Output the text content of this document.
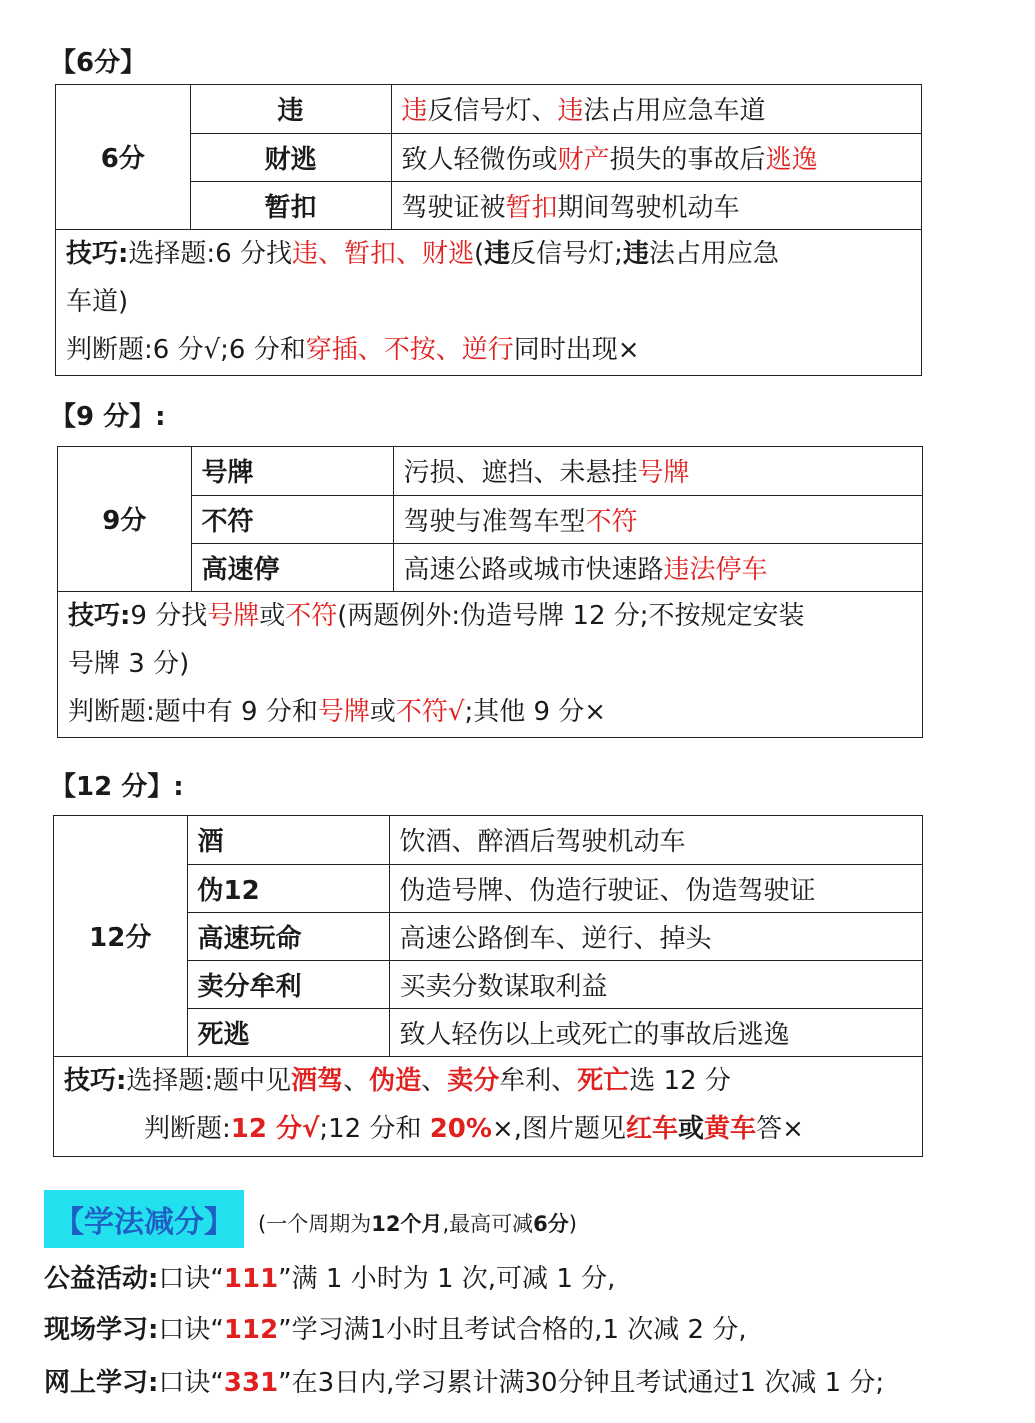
【6分】
6分	违	违反信号灯、违法占用应急车道
	财逃	致人轻微伤或财产损失的事故后逃逸
	暂扣	驾驶证被暂扣期间驾驶机动车
技巧:选择题:6 分找违、暂扣、财逃(违反信号灯;违法占用应急
车道)
判断题:6 分√;6 分和穿插、不按、逆行同时出现×
【9 分】:
9分	号牌	污损、遮挡、未悬挂号牌
	不符	驾驶与准驾车型不符
	高速停	高速公路或城市快速路违法停车
技巧:9 分找号牌或不符(两题例外:伪造号牌 12 分;不按规定安装
号牌 3 分)
判断题:题中有 9 分和号牌或不符√;其他 9 分×
【12 分】:
12分	酒	饮酒、醉酒后驾驶机动车
	伪12	伪造号牌、伪造行驶证、伪造驾驶证
	高速玩命	高速公路倒车、逆行、掉头
	卖分牟利	买卖分数谋取利益
	死逃	致人轻伤以上或死亡的事故后逃逸
技巧:选择题:题中见酒驾、伪造、卖分牟利、死亡选 12 分
判断题:12 分√;12 分和 20%×,图片题见红车或黄车答×
【学法减分】	(一个周期为12个月,最高可减6分)
公益活动:口诀“111”满 1 小时为 1 次,可减 1 分,
现场学习:口诀“112”学习满1小时且考试合格的,1 次减 2 分,
网上学习:口诀“331”在3日内,学习累计满30分钟且考试通过1 次减 1 分;
